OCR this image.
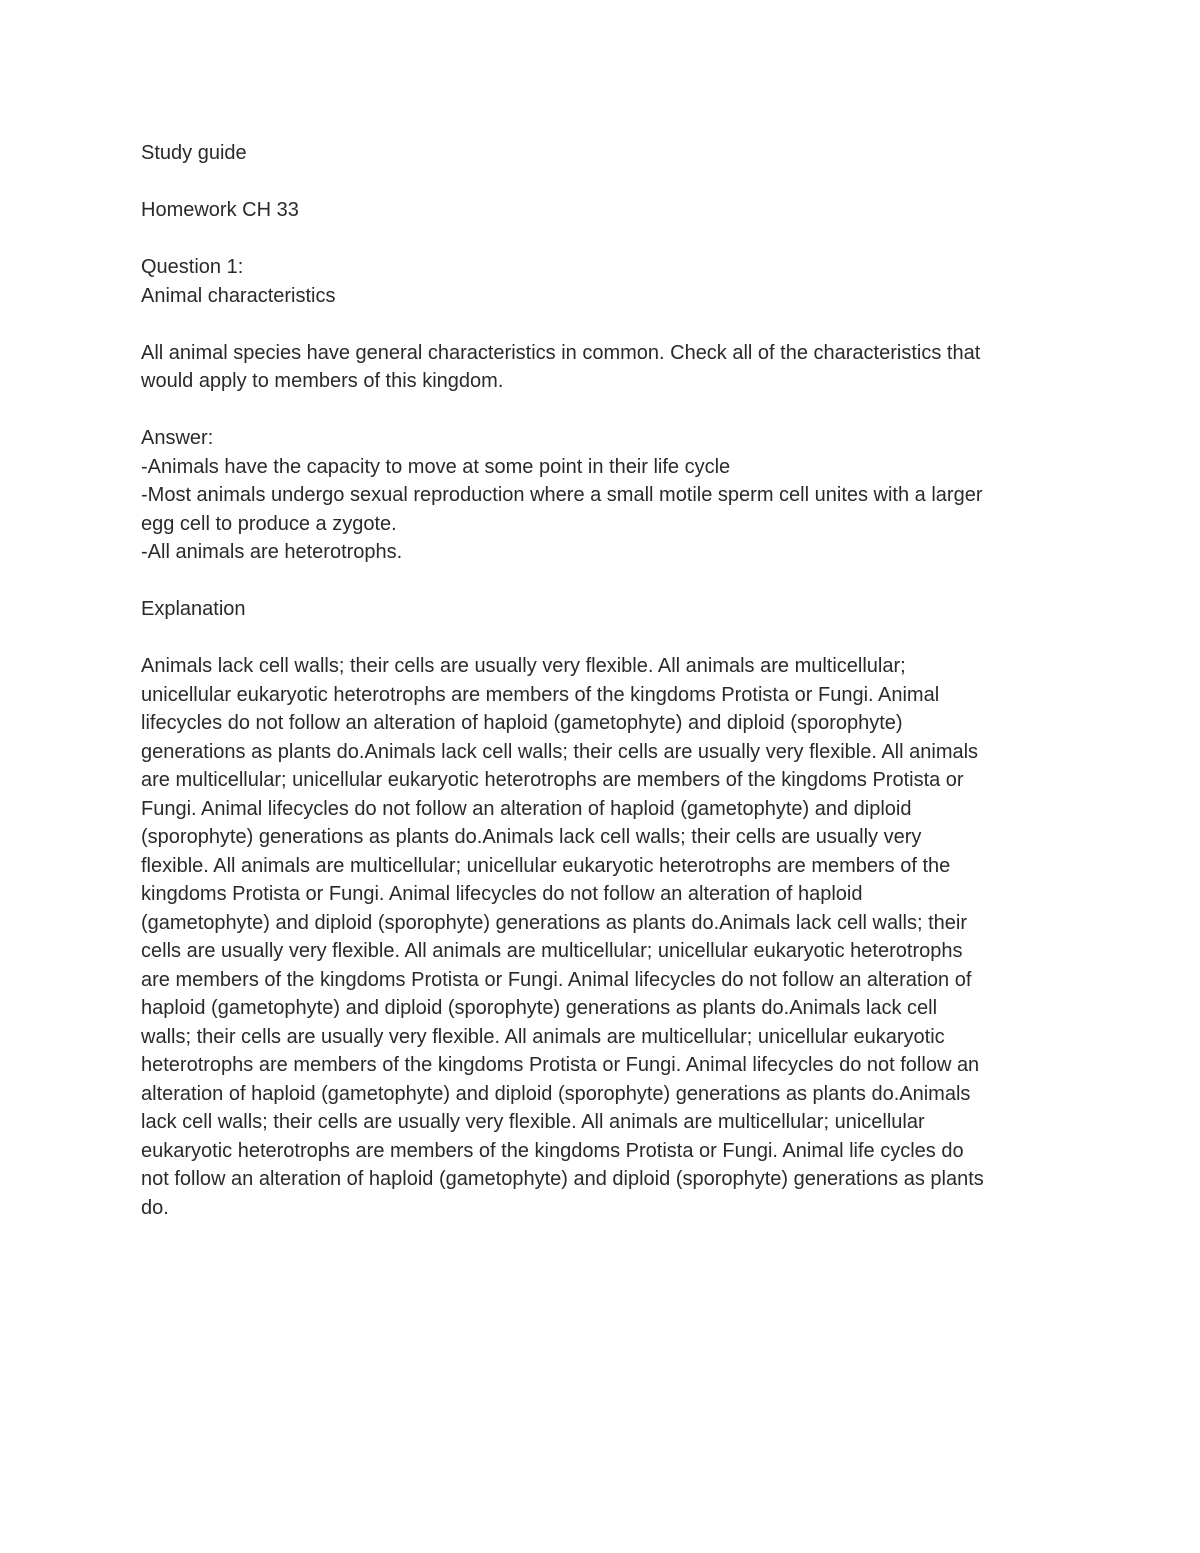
Study guide

Homework CH 33

Question 1:

Animal characteristics

All animal species have general characteristics in common. Check all of the characteristics that

would apply to members of this kingdom.

Answer:

-Animals have the capacity to move at some point in their life cycle

-Most animals undergo sexual reproduction where a small motile sperm cell unites with a larger

egg cell to produce a zygote.

-All animals are heterotrophs.

Explanation

Animals lack cell walls; their cells are usually very flexible. All animals are multicellular;

unicellular eukaryotic heterotrophs are members of the kingdoms Protista or Fungi. Animal

lifecycles do not follow an alteration of haploid (gametophyte) and diploid (sporophyte)

generations as plants do.Animals lack cell walls; their cells are usually very flexible. All animals

are multicellular; unicellular eukaryotic heterotrophs are members of the kingdoms Protista or

Fungi. Animal lifecycles do not follow an alteration of haploid (gametophyte) and diploid

(sporophyte) generations as plants do.Animals lack cell walls; their cells are usually very

flexible. All animals are multicellular; unicellular eukaryotic heterotrophs are members of the

kingdoms Protista or Fungi. Animal lifecycles do not follow an alteration of haploid

(gametophyte) and diploid (sporophyte) generations as plants do.Animals lack cell walls; their

cells are usually very flexible. All animals are multicellular; unicellular eukaryotic heterotrophs

are members of the kingdoms Protista or Fungi. Animal lifecycles do not follow an alteration of

haploid (gametophyte) and diploid (sporophyte) generations as plants do.Animals lack cell

walls; their cells are usually very flexible. All animals are multicellular; unicellular eukaryotic

heterotrophs are members of the kingdoms Protista or Fungi. Animal lifecycles do not follow an

alteration of haploid (gametophyte) and diploid (sporophyte) generations as plants do.Animals

lack cell walls; their cells are usually very flexible. All animals are multicellular; unicellular

eukaryotic heterotrophs are members of the kingdoms Protista or Fungi. Animal life cycles do

not follow an alteration of haploid (gametophyte) and diploid (sporophyte) generations as plants

do.
